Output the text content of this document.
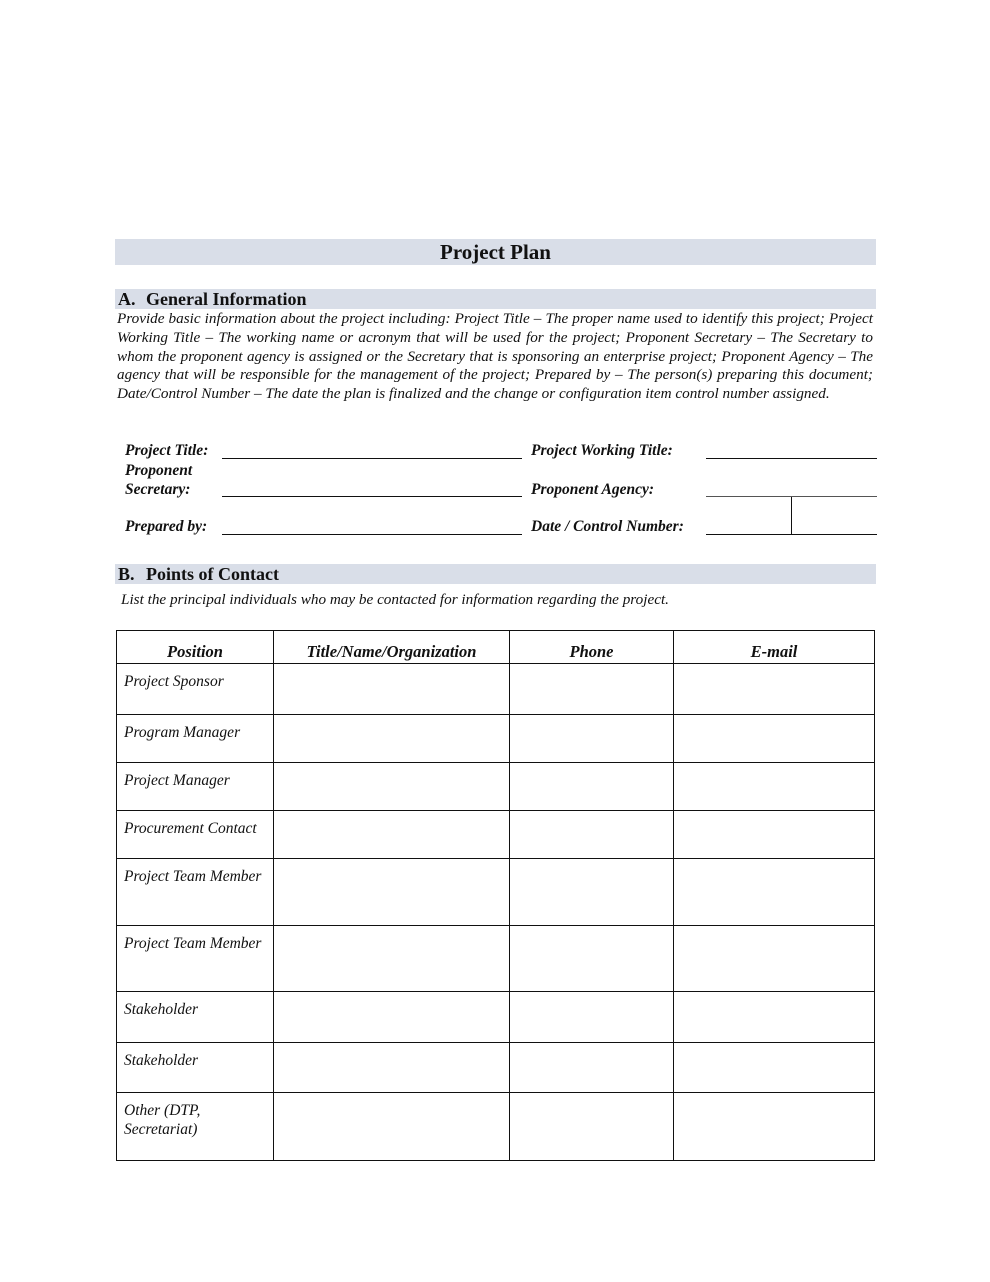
Project Plan
A. General Information
Provide basic information about the project including: Project Title – The proper name used to identify this project; Project Working Title – The working name or acronym that will be used for the project; Proponent Secretary – The Secretary to whom the proponent agency is assigned or the Secretary that is sponsoring an enterprise project; Proponent Agency – The agency that will be responsible for the management of the project; Prepared by – The person(s) preparing this document; Date/Control Number – The date the plan is finalized and the change or configuration item control number assigned.
Project Title:	Project Working Title:
Proponent
Secretary:	Proponent Agency:
Prepared by:	Date / Control Number:
B. Points of Contact
List the principal individuals who may be contacted for information regarding the project.
Position	Title/Name/Organization	Phone	E-mail
Project Sponsor			
Program Manager			
Project Manager			
Procurement Contact			
Project Team Member			
Project Team Member			
Stakeholder			
Stakeholder			
Other (DTP, Secretariat)			
